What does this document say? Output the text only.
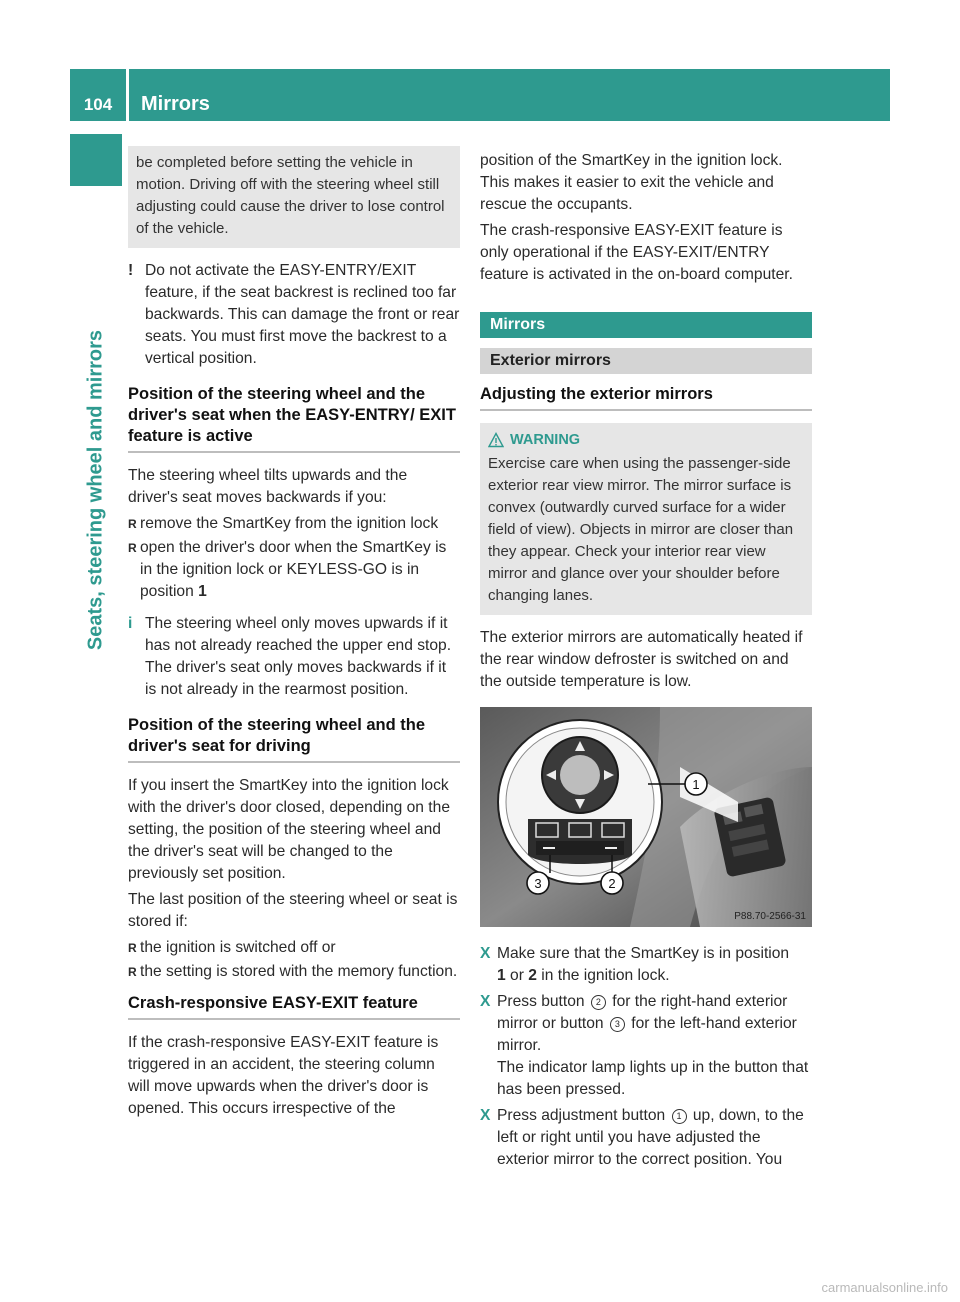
104	Mirrors
Seats, steering wheel and mirrors
be completed before setting the vehicle in motion. Driving off with the steering wheel still adjusting could cause the driver to lose control of the vehicle.
! Do not activate the EASY-ENTRY/EXIT feature, if the seat backrest is reclined too far backwards. This can damage the front or rear seats. You must first move the backrest to a vertical position.
Position of the steering wheel and the driver's seat when the EASY-ENTRY/ EXIT feature is active

The steering wheel tilts upwards and the driver's seat moves backwards if you:

R remove the SmartKey from the ignition lock
R open the driver's door when the SmartKey is in the ignition lock or KEYLESS-GO is in position 1
i The steering wheel only moves upwards if it has not already reached the upper end stop. The driver's seat only moves backwards if it is not already in the rearmost position.
Position of the steering wheel and the driver's seat for driving

If you insert the SmartKey into the ignition lock with the driver's door closed, depending on the setting, the position of the steering wheel and the driver's seat will be changed to the previously set position.

The last position of the steering wheel or seat is stored if:

R the ignition is switched off or
R the setting is stored with the memory function.
Crash-responsive EASY-EXIT feature

If the crash-responsive EASY-EXIT feature is triggered in an accident, the steering column will move upwards when the driver's door is opened. This occurs irrespective of the

position of the SmartKey in the ignition lock. This makes it easier to exit the vehicle and rescue the occupants.

The crash-responsive EASY-EXIT feature is only operational if the EASY-EXIT/ENTRY feature is activated in the on-board computer.

Mirrors
Exterior mirrors
Adjusting the exterior mirrors
WARNING
Exercise care when using the passenger-side exterior rear view mirror. The mirror surface is convex (outwardly curved surface for a wider field of view). Objects in mirror are closer than they appear. Check your interior rear view mirror and glance over your shoulder before changing lanes.

The exterior mirrors are automatically heated if the rear window defroster is switched on and the outside temperature is low.

1
2
3
P88.70-2566-31
X Make sure that the SmartKey is in position
1 or 2 in the ignition lock.
X Press button 2 for the right-hand exterior mirror or button 3 for the left-hand exterior mirror.
The indicator lamp lights up in the button that has been pressed.
X Press adjustment button 1 up, down, to the left or right until you have adjusted the exterior mirror to the correct position. You
carmanualsonline.info
